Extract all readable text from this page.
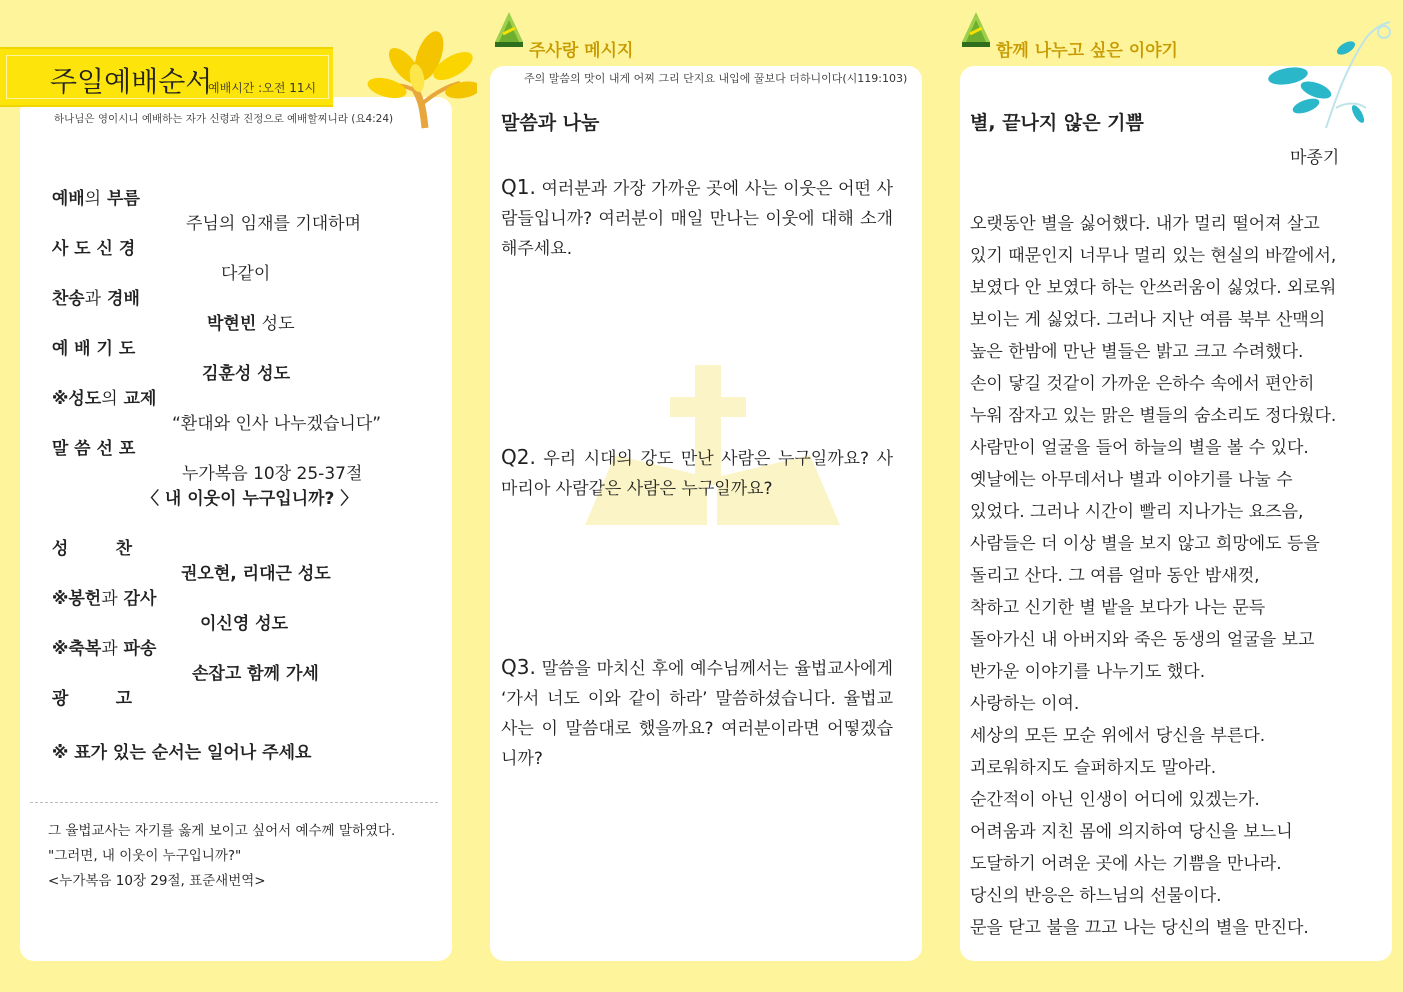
주일예배순서
예배시간 :오전 11시
하나님은 영이시니 예배하는 자가 신령과 진정으로 예배할찌니라 (요4:24)

예배의 부름

주님의 임재를 기대하며

사 도 신 경

다같이

찬송과 경배

박현빈 성도

예 배 기 도

김훈성 성도

※성도의 교제

“환대와 인사 나누겠습니다”

말 씀 선 포

누가복음 10장 25-37절

〈 내 이웃이 누구입니까? 〉

성        찬

권오현, 리대근 성도

※봉헌과 감사

이신영 성도

※축복과 파송

손잡고 함께 가세

광        고

※ 표가 있는 순서는 일어나 주세요

그 율법교사는 자기를 옳게 보이고 싶어서 예수께 말하였다.
"그러면, 내 이웃이 누구입니까?"
<누가복음 10장 29절, 표준새번역>
주사랑 메시지
주의 말씀의 맛이 내게 어찌 그리 단지요 내입에 꿀보다 더하니이다(시119:103)
말씀과 나눔
Q1. 여러분과 가장 가까운 곳에 사는 이웃은 어떤 사람들입니까? 여러분이 매일 만나는 이웃에 대해 소개해주세요.
Q2. 우리 시대의 강도 만난 사람은 누구일까요? 사마리아 사람같은 사람은 누구일까요?
Q3. 말씀을 마치신 후에 예수님께서는 율법교사에게 ‘가서 너도 이와 같이 하라’ 말씀하셨습니다. 율법교사는 이 말씀대로 했을까요? 여러분이라면 어떻겠습니까?
함께 나누고 싶은 이야기
별, 끝나지 않은 기쁨
마종기
오랫동안 별을 싫어했다. 내가 멀리 떨어져 살고
있기 때문인지 너무나 멀리 있는 현실의 바깥에서,
보였다 안 보였다 하는 안쓰러움이 싫었다. 외로워
보이는 게 싫었다. 그러나 지난 여름 북부 산맥의
높은 한밤에 만난 별들은 밝고 크고 수려했다.
손이 닿길 것같이 가까운 은하수 속에서 편안히
누워 잠자고 있는 맑은 별들의 숨소리도 정다웠다.
사람만이 얼굴을 들어 하늘의 별을 볼 수 있다.
옛날에는 아무데서나 별과 이야기를 나눌 수
있었다. 그러나 시간이 빨리 지나가는 요즈음,
사람들은 더 이상 별을 보지 않고 희망에도 등을
돌리고 산다. 그 여름 얼마 동안 밤새껏,
착하고 신기한 별 밭을 보다가 나는 문득
돌아가신 내 아버지와 죽은 동생의 얼굴을 보고
반가운 이야기를 나누기도 했다.
사랑하는 이여.
세상의 모든 모순 위에서 당신을 부른다.
괴로워하지도 슬퍼하지도 말아라.
순간적이 아닌 인생이 어디에 있겠는가.
어려움과 지친 몸에 의지하여 당신을 보느니
도달하기 어려운 곳에 사는 기쁨을 만나라.
당신의 반응은 하느님의 선물이다.
문을 닫고 불을 끄고 나는 당신의 별을 만진다.
